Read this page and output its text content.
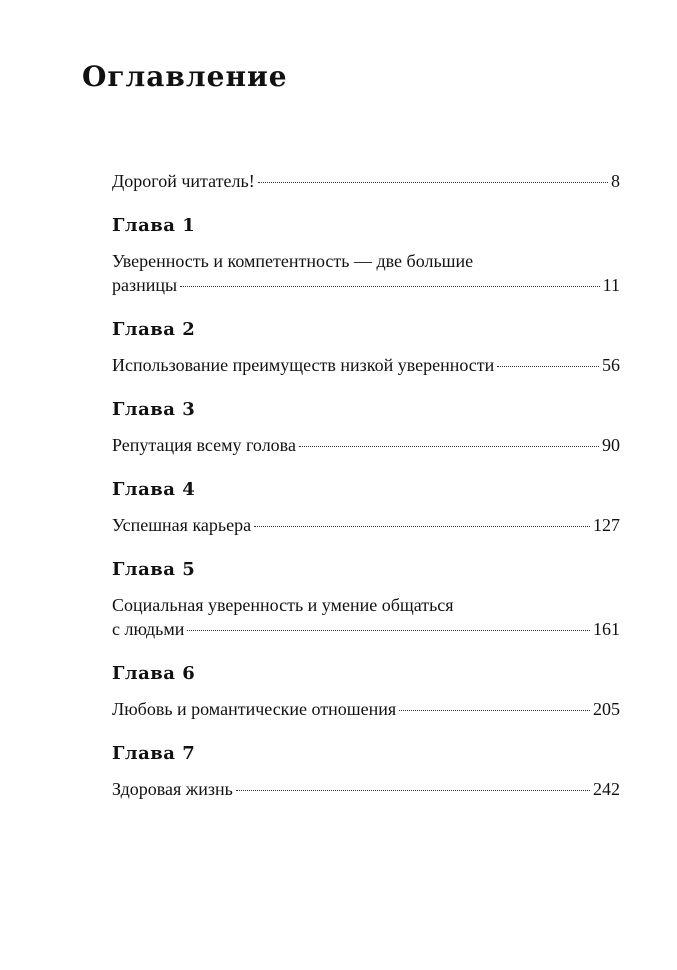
Оглавление
Дорогой читатель!	8
Глава 1
Уверенность и компетентность — две большие
разницы	11
Глава 2
Использование преимуществ низкой уверенности	56
Глава 3
Репутация всему голова	90
Глава 4
Успешная карьера	127
Глава 5
Социальная уверенность и умение общаться
с людьми	161
Глава 6
Любовь и романтические отношения	205
Глава 7
Здоровая жизнь	242
